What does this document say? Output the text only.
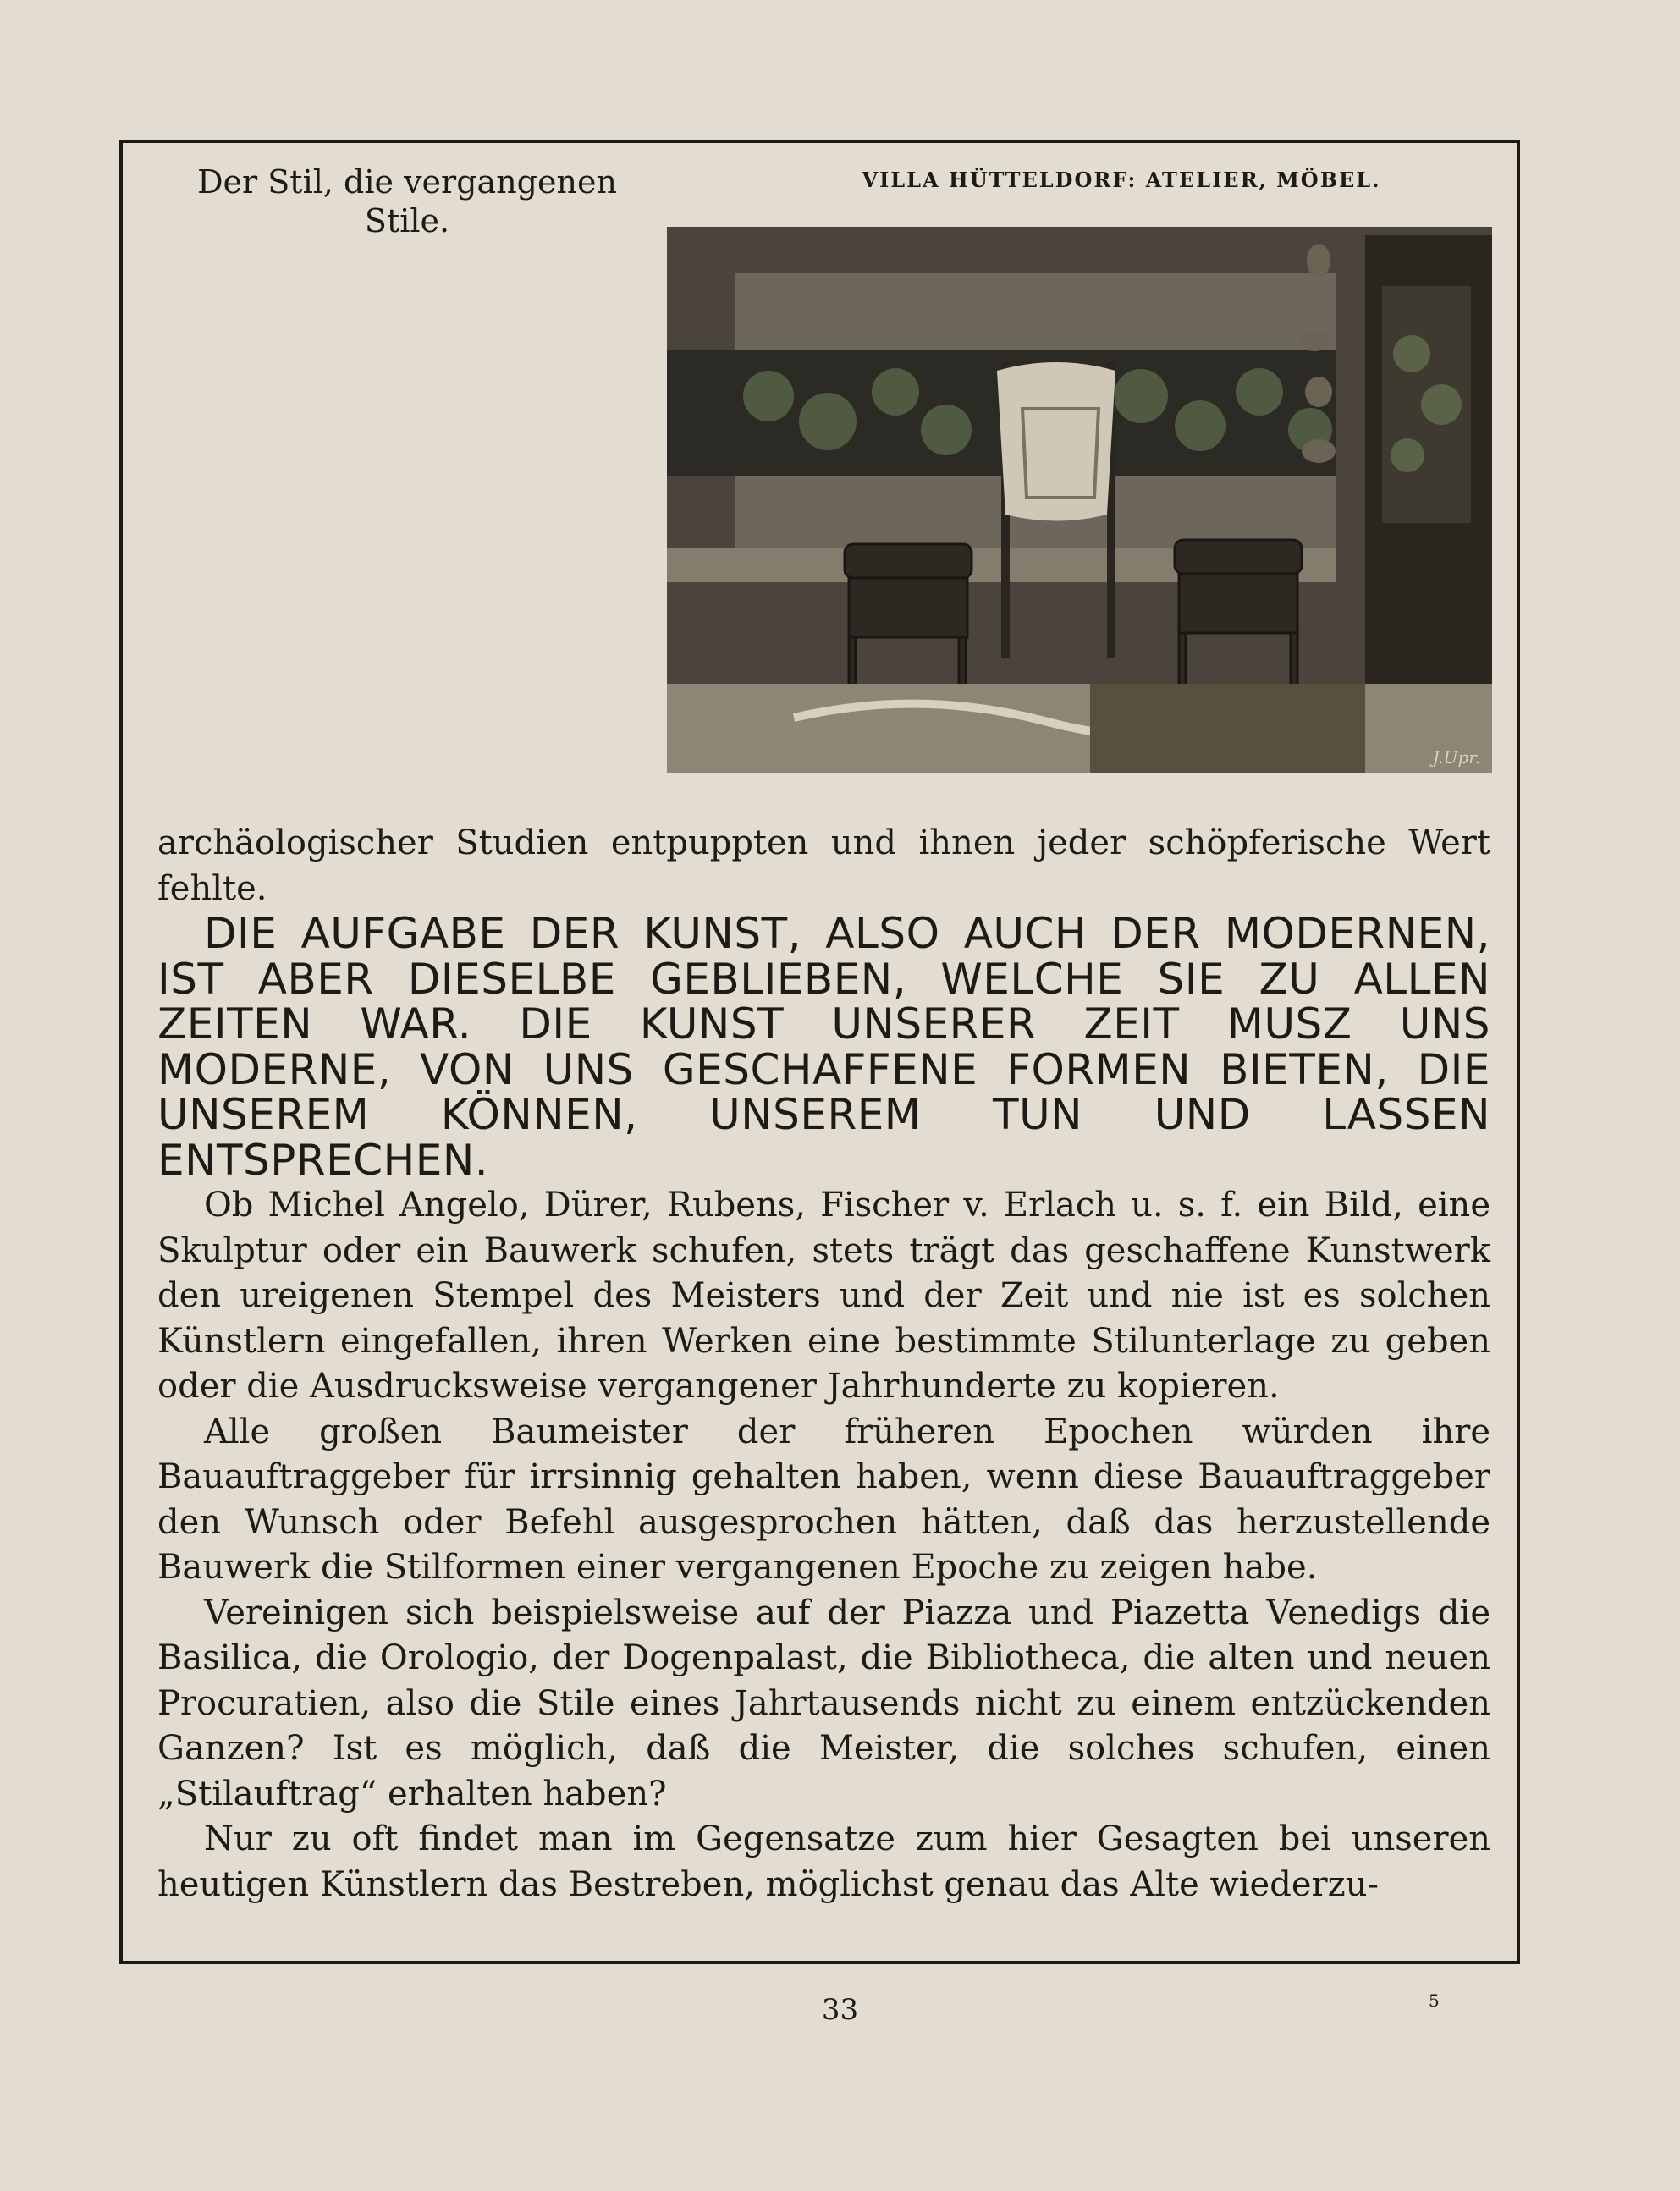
Der Stil, die vergangenen Stile.
VILLA HÜTTELDORF: ATELIER, MÖBEL.
J.Upr.

archäologischer Studien entpuppten und ihnen jeder schöpferische Wert fehlte.

DIE AUFGABE DER KUNST, ALSO AUCH DER MODERNEN, IST ABER DIESELBE GEBLIEBEN, WELCHE SIE ZU ALLEN ZEITEN WAR. DIE KUNST UNSERER ZEIT MUSZ UNS MODERNE, VON UNS GESCHAFFENE FORMEN BIETEN, DIE UNSEREM KÖNNEN, UNSEREM TUN UND LASSEN ENTSPRECHEN.

Ob Michel Angelo, Dürer, Rubens, Fischer v. Erlach u. s. f. ein Bild, eine Skulptur oder ein Bauwerk schufen, stets trägt das geschaffene Kunstwerk den ureigenen Stempel des Meisters und der Zeit und nie ist es solchen Künstlern eingefallen, ihren Werken eine bestimmte Stilunterlage zu geben oder die Ausdrucksweise vergangener Jahrhunderte zu kopieren.

Alle großen Baumeister der früheren Epochen würden ihre Bauauftraggeber für irrsinnig gehalten haben, wenn diese Bauauftraggeber den Wunsch oder Befehl ausgesprochen hätten, daß das herzustellende Bauwerk die Stilformen einer vergangenen Epoche zu zeigen habe.

Vereinigen sich beispielsweise auf der Piazza und Piazetta Venedigs die Basilica, die Orologio, der Dogenpalast, die Bibliotheca, die alten und neuen Procuratien, also die Stile eines Jahrtausends nicht zu einem entzückenden Ganzen? Ist es möglich, daß die Meister, die solches schufen, einen „Stilauftrag“ erhalten haben?

Nur zu oft findet man im Gegensatze zum hier Gesagten bei unseren heutigen Künstlern das Bestreben, möglichst genau das Alte wiederzu-

33	5
